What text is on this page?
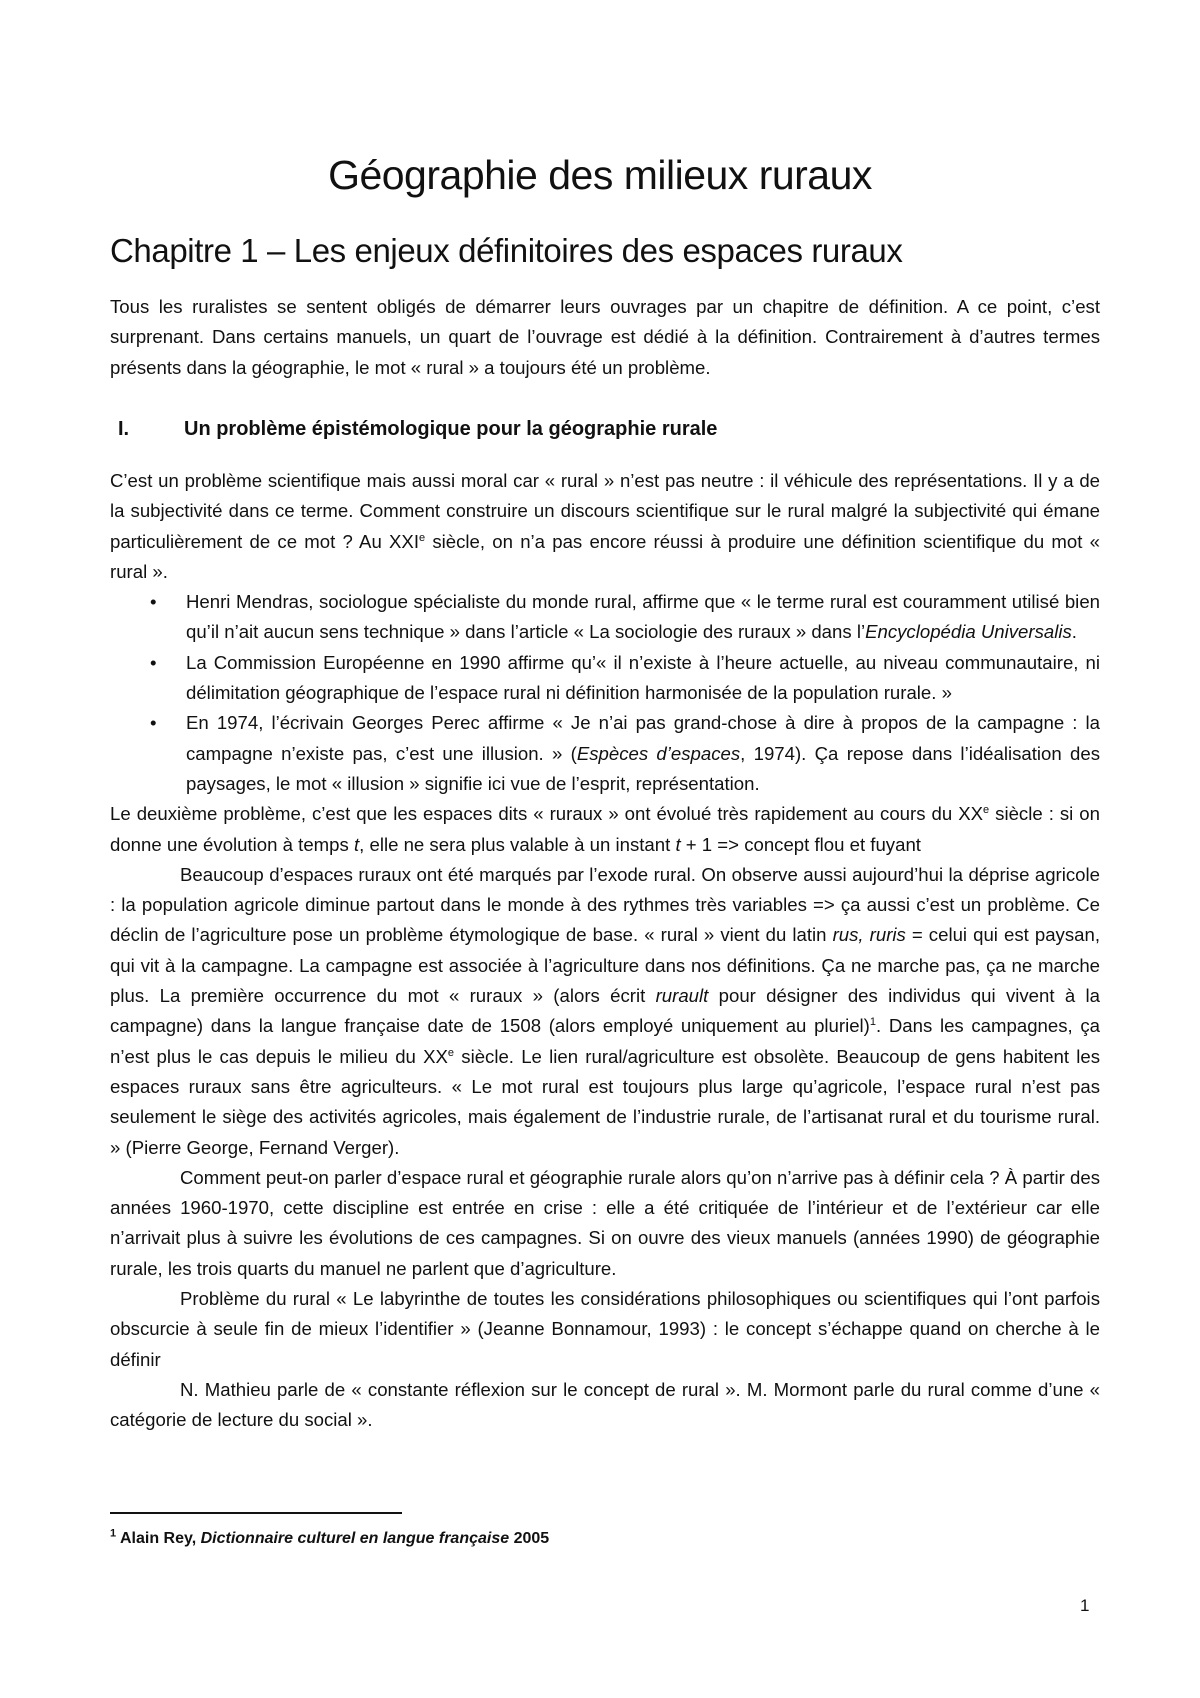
Géographie des milieux ruraux
Chapitre 1 – Les enjeux définitoires des espaces ruraux

Tous les ruralistes se sentent obligés de démarrer leurs ouvrages par un chapitre de définition. A ce point, c’est surprenant. Dans certains manuels, un quart de l’ouvrage est dédié à la définition. Contrairement à d’autres termes présents dans la géographie, le mot « rural » a toujours été un problème.

I.	Un problème épistémologique pour la géographie rurale

C’est un problème scientifique mais aussi moral car « rural » n’est pas neutre : il véhicule des représentations. Il y a de la subjectivité dans ce terme. Comment construire un discours scientifique sur le rural malgré la subjectivité qui émane particulièrement de ce mot ? Au XXIe siècle, on n’a pas encore réussi à produire une définition scientifique du mot « rural ».

• Henri Mendras, sociologue spécialiste du monde rural, affirme que « le terme rural est couramment utilisé bien qu’il n’ait aucun sens technique » dans l’article « La sociologie des ruraux » dans l’Encyclopédia Universalis.
• La Commission Européenne en 1990 affirme qu’« il n’existe à l’heure actuelle, au niveau communautaire, ni délimitation géographique de l’espace rural ni définition harmonisée de la population rurale. »
• En 1974, l’écrivain Georges Perec affirme « Je n’ai pas grand-chose à dire à propos de la campagne : la campagne n’existe pas, c’est une illusion. » (Espèces d’espaces, 1974). Ça repose dans l’idéalisation des paysages, le mot « illusion » signifie ici vue de l’esprit, représentation.

Le deuxième problème, c’est que les espaces dits « ruraux » ont évolué très rapidement au cours du XXe siècle : si on donne une évolution à temps t, elle ne sera plus valable à un instant t + 1 => concept flou et fuyant

Beaucoup d’espaces ruraux ont été marqués par l’exode rural. On observe aussi aujourd’hui la déprise agricole : la population agricole diminue partout dans le monde à des rythmes très variables => ça aussi c’est un problème. Ce déclin de l’agriculture pose un problème étymologique de base. « rural » vient du latin rus, ruris = celui qui est paysan, qui vit à la campagne. La campagne est associée à l’agriculture dans nos définitions. Ça ne marche pas, ça ne marche plus. La première occurrence du mot « ruraux » (alors écrit rurault pour désigner des individus qui vivent à la campagne) dans la langue française date de 1508 (alors employé uniquement au pluriel)$^1$. Dans les campagnes, ça n’est plus le cas depuis le milieu du XXe siècle. Le lien rural/agriculture est obsolète. Beaucoup de gens habitent les espaces ruraux sans être agriculteurs. « Le mot rural est toujours plus large qu’agricole, l’espace rural n’est pas seulement le siège des activités agricoles, mais également de l’industrie rurale, de l’artisanat rural et du tourisme rural. » (Pierre George, Fernand Verger).

Comment peut-on parler d’espace rural et géographie rurale alors qu’on n’arrive pas à définir cela ? À partir des années 1960-1970, cette discipline est entrée en crise : elle a été critiquée de l’intérieur et de l’extérieur car elle n’arrivait plus à suivre les évolutions de ces campagnes. Si on ouvre des vieux manuels (années 1990) de géographie rurale, les trois quarts du manuel ne parlent que d’agriculture.

Problème du rural « Le labyrinthe de toutes les considérations philosophiques ou scientifiques qui l’ont parfois obscurcie à seule fin de mieux l’identifier » (Jeanne Bonnamour, 1993) : le concept s’échappe quand on cherche à le définir

N. Mathieu parle de « constante réflexion sur le concept de rural ». M. Mormont parle du rural comme d’une « catégorie de lecture du social ».

$^1$ Alain Rey, Dictionnaire culturel en langue française 2005
1
